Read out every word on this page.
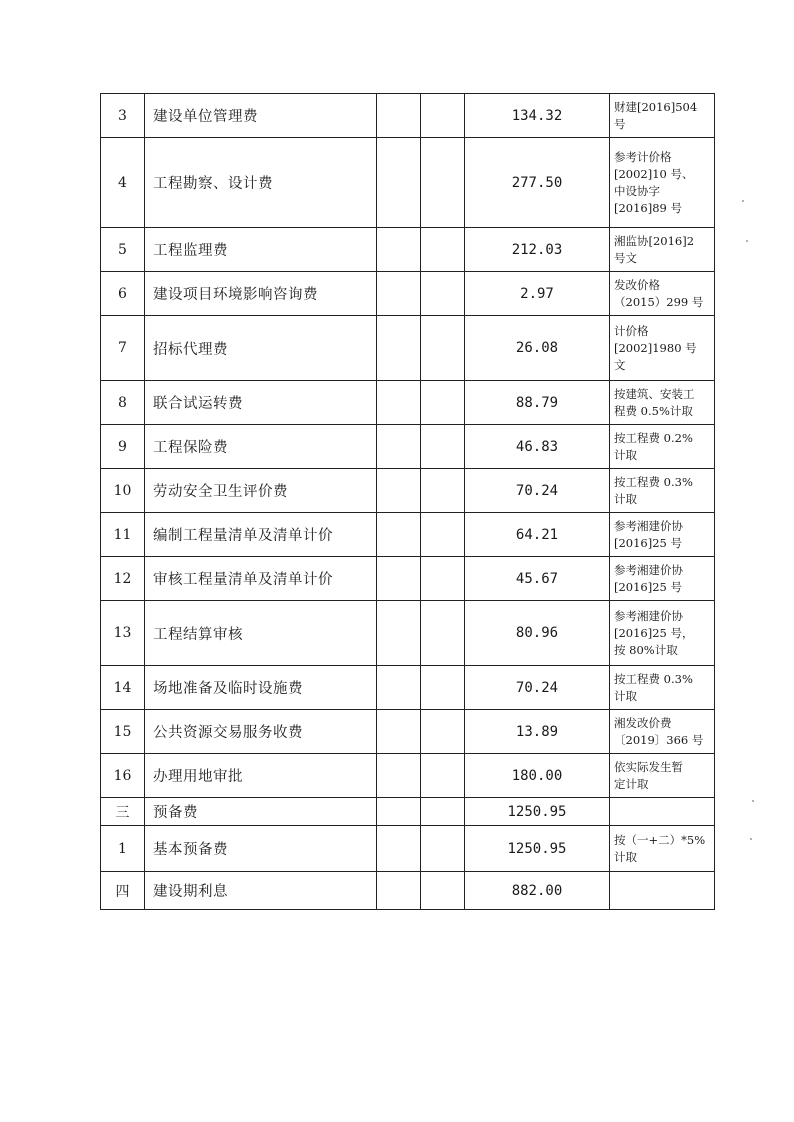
3	建设单位管理费			134.32	财建[2016]504
号

4	工程勘察、设计费			277.50	参考计价格
[2002]10 号、
中设协字
[2016]89 号

5	工程监理费			212.03	湘监协[2016]2
号文

6	建设项目环境影响咨询费			2.97	发改价格
（2015）299 号

7	招标代理费			26.08	计价格
[2002]1980 号
文

8	联合试运转费			88.79	按建筑、安装工
程费 0.5%计取

9	工程保险费			46.83	按工程费 0.2%
计取

10	劳动安全卫生评价费			70.24	按工程费 0.3%
计取

11	编制工程量清单及清单计价			64.21	参考湘建价协
[2016]25 号

12	审核工程量清单及清单计价			45.67	参考湘建价协
[2016]25 号

13	工程结算审核			80.96	参考湘建价协
[2016]25 号，
按 80%计取

14	场地准备及临时设施费			70.24	按工程费 0.3%
计取

15	公共资源交易服务收费			13.89	湘发改价费
〔2019〕366 号

16	办理用地审批			180.00	依实际发生暂
定计取

三	预备费			1250.95	
1	基本预备费			1250.95	按（一+二）*5%
计取

四	建设期利息			882.00	
